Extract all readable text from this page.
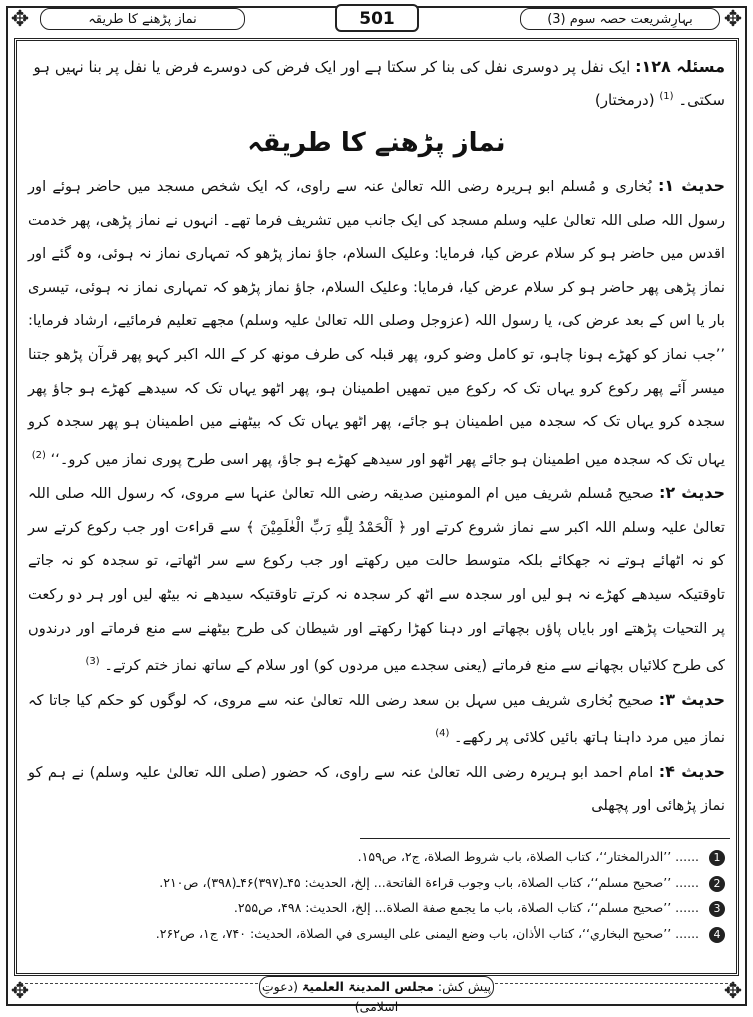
✥	✥
✥	✥
نماز پڑھنے کا طریقہ	501	بہارِشریعت حصہ سوم (3)
مسئلہ ۱۲۸: ایک نفل پر دوسری نفل کی بنا کر سکتا ہے اور ایک فرض کی دوسرے فرض یا نفل پر بنا نہیں ہو سکتی۔ $^{(1)}$ (درمختار)
نماز پڑھنے کا طریقہ
حدیث ۱: بُخاری و مُسلم ابو ہریرہ رضی اللہ تعالیٰ عنہ سے راوی، کہ ایک شخص مسجد میں حاضر ہوئے اور رسول اللہ صلی اللہ تعالیٰ علیہ وسلم مسجد کی ایک جانب میں تشریف فرما تھے۔ انہوں نے نماز پڑھی، پھر خدمت اقدس میں حاضر ہو کر سلام عرض کیا، فرمایا: وعلیک السلام، جاؤ نماز پڑھو کہ تمہاری نماز نہ ہوئی، وہ گئے اور نماز پڑھی پھر حاضر ہو کر سلام عرض کیا، فرمایا: وعلیک السلام، جاؤ نماز پڑھو کہ تمہاری نماز نہ ہوئی، تیسری بار یا اس کے بعد عرض کی، یا رسول اللہ (عزوجل وصلی اللہ تعالیٰ علیہ وسلم) مجھے تعلیم فرمائیے، ارشاد فرمایا: ’’جب نماز کو کھڑے ہونا چاہو، تو کامل وضو کرو، پھر قبلہ کی طرف مونھ کر کے اللہ اکبر کہو پھر قرآن پڑھو جتنا میسر آئے پھر رکوع کرو یہاں تک کہ رکوع میں تمھیں اطمینان ہو، پھر اٹھو یہاں تک کہ سیدھے کھڑے ہو جاؤ پھر سجدہ کرو یہاں تک کہ سجدہ میں اطمینان ہو جائے، پھر اٹھو یہاں تک کہ بیٹھنے میں اطمینان ہو پھر سجدہ کرو یہاں تک کہ سجدہ میں اطمینان ہو جائے پھر اٹھو اور سیدھے کھڑے ہو جاؤ، پھر اسی طرح پوری نماز میں کرو۔‘‘ $^{(2)}$
حدیث ۲: صحیح مُسلم شریف میں ام المومنین صدیقہ رضی اللہ تعالیٰ عنہا سے مروی، کہ رسول اللہ صلی اللہ تعالیٰ علیہ وسلم اللہ اکبر سے نماز شروع کرتے اور ﴿ اَلْحَمْدُ لِلّٰهِ رَبِّ الْعٰلَمِیْنَ ﴾ سے قراءت اور جب رکوع کرتے سر کو نہ اٹھائے ہوتے نہ جھکائے بلکہ متوسط حالت میں رکھتے اور جب رکوع سے سر اٹھاتے، تو سجدہ کو نہ جاتے تاوقتیکہ سیدھے کھڑے نہ ہو لیں اور سجدہ سے اٹھ کر سجدہ نہ کرتے تاوقتیکہ سیدھے نہ بیٹھ لیں اور ہر دو رکعت پر التحیات پڑھتے اور بایاں پاؤں بچھاتے اور دہنا کھڑا رکھتے اور شیطان کی طرح بیٹھنے سے منع فرماتے اور درندوں کی طرح کلائیاں بچھانے سے منع فرماتے (یعنی سجدے میں مردوں کو) اور سلام کے ساتھ نماز ختم کرتے۔ $^{(3)}$
حدیث ۳: صحیح بُخاری شریف میں سہل بن سعد رضی اللہ تعالیٰ عنہ سے مروی، کہ لوگوں کو حکم کیا جاتا کہ نماز میں مرد داہنا ہاتھ بائیں کلائی پر رکھے۔ $^{(4)}$
حدیث ۴: امام احمد ابو ہریرہ رضی اللہ تعالیٰ عنہ سے راوی، کہ حضور (صلی اللہ تعالیٰ علیہ وسلم) نے ہم کو نماز پڑھائی اور پچھلی
1 ...... ’’الدرالمختار‘‘، کتاب الصلاة، باب شروط الصلاة، ج۲، ص۱۵۹.
2 ...... ’’صحیح مسلم‘‘، کتاب الصلاة، باب وجوب قراءة الفاتحة... إلخ، الحدیث: ۴۵ـ(۳۹۷)۴۶ـ(۳۹۸)، ص۲۱۰.
3 ...... ’’صحیح مسلم‘‘، کتاب الصلاة، باب ما یجمع صفة الصلاة... إلخ، الحدیث: ۴۹۸، ص۲۵۵.
4 ...... ’’صحیح البخاري‘‘، کتاب الأذان، باب وضع الیمنی علی الیسری في الصلاة، الحدیث: ۷۴۰، ج۱، ص۲۶۲.
پیش کش: مجلس المدینۃ العلمیۃ (دعوتِ اسلامی)
